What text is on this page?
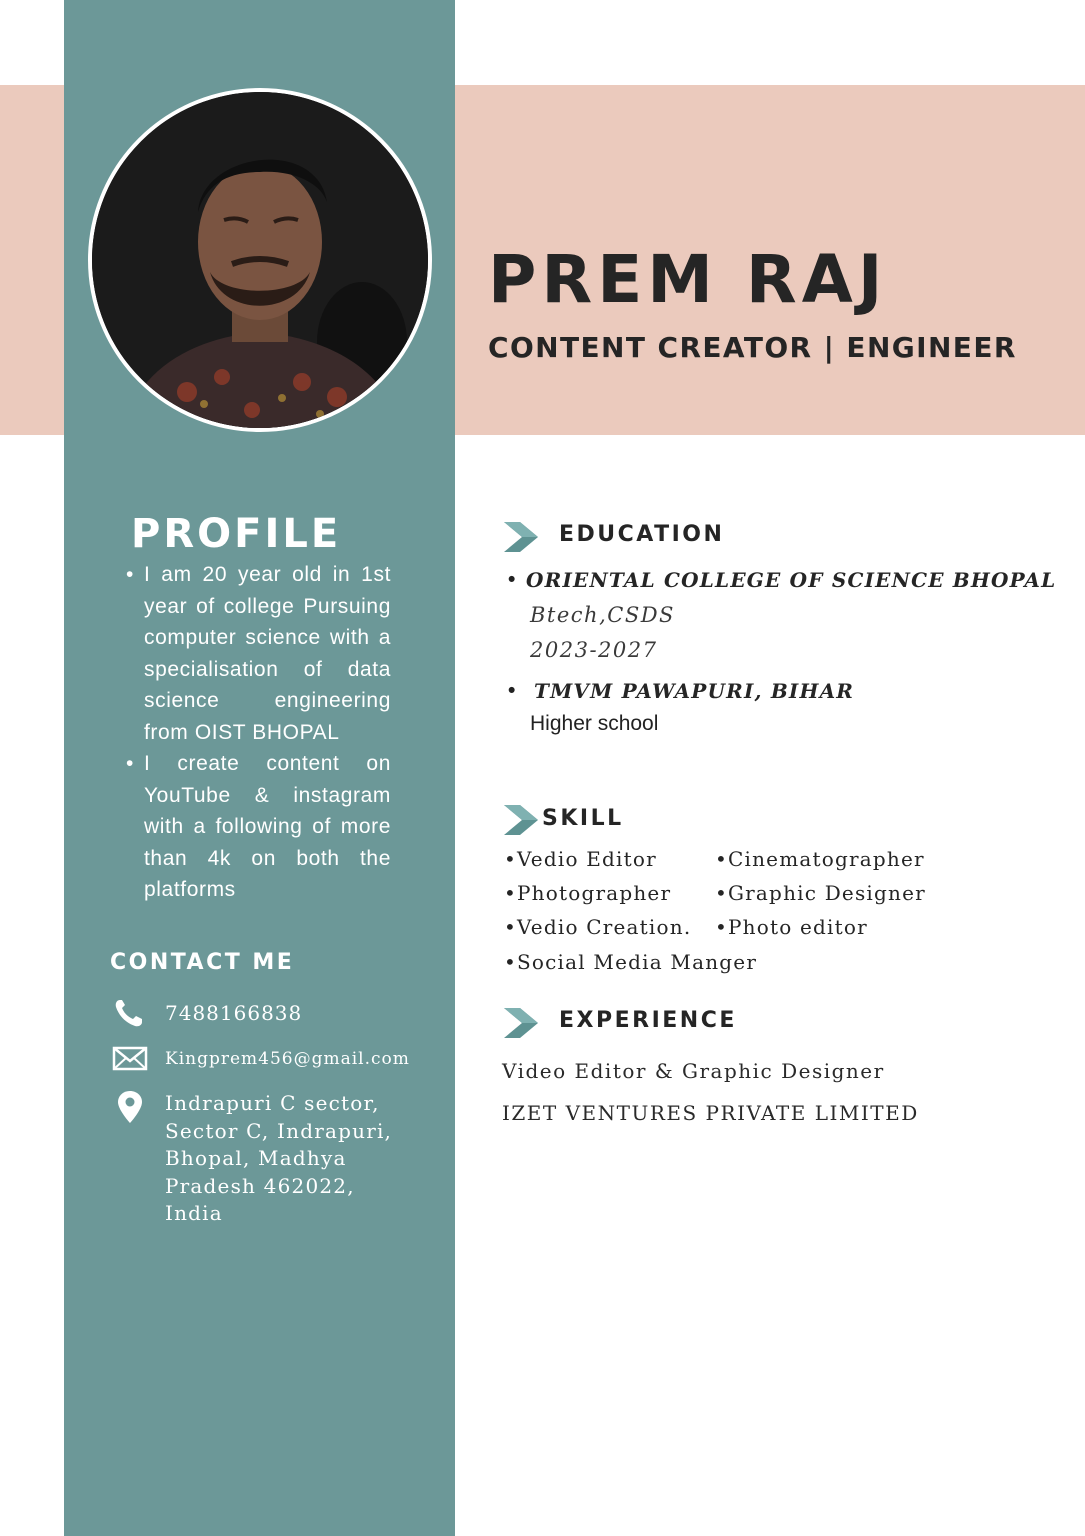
PREM RAJ
CONTENT CREATOR | ENGINEER
PROFILE
• I am 20 year old in 1st year of college Pursuing computer science with a specialisation of data science engineering from OIST BHOPAL
• I create content on YouTube & instagram with a following of more than 4k on both the platforms
CONTACT ME
7488166838
Kingprem456@gmail.com
Indrapuri C sector, Sector C, Indrapuri, Bhopal, Madhya Pradesh 462022, India
EDUCATION
• ORIENTAL COLLEGE OF SCIENCE BHOPAL

Btech,CSDS

2023-2027

• TMVM PAWAPURI, BIHAR

Higher school

SKILL

• Vedio Editor	• Cinematographer

• Photographer	• Graphic Designer

• Vedio Creation.	• Photo editor

• Social Media Manger

EXPERIENCE

Video Editor & Graphic Designer

IZET VENTURES PRIVATE LIMITED
